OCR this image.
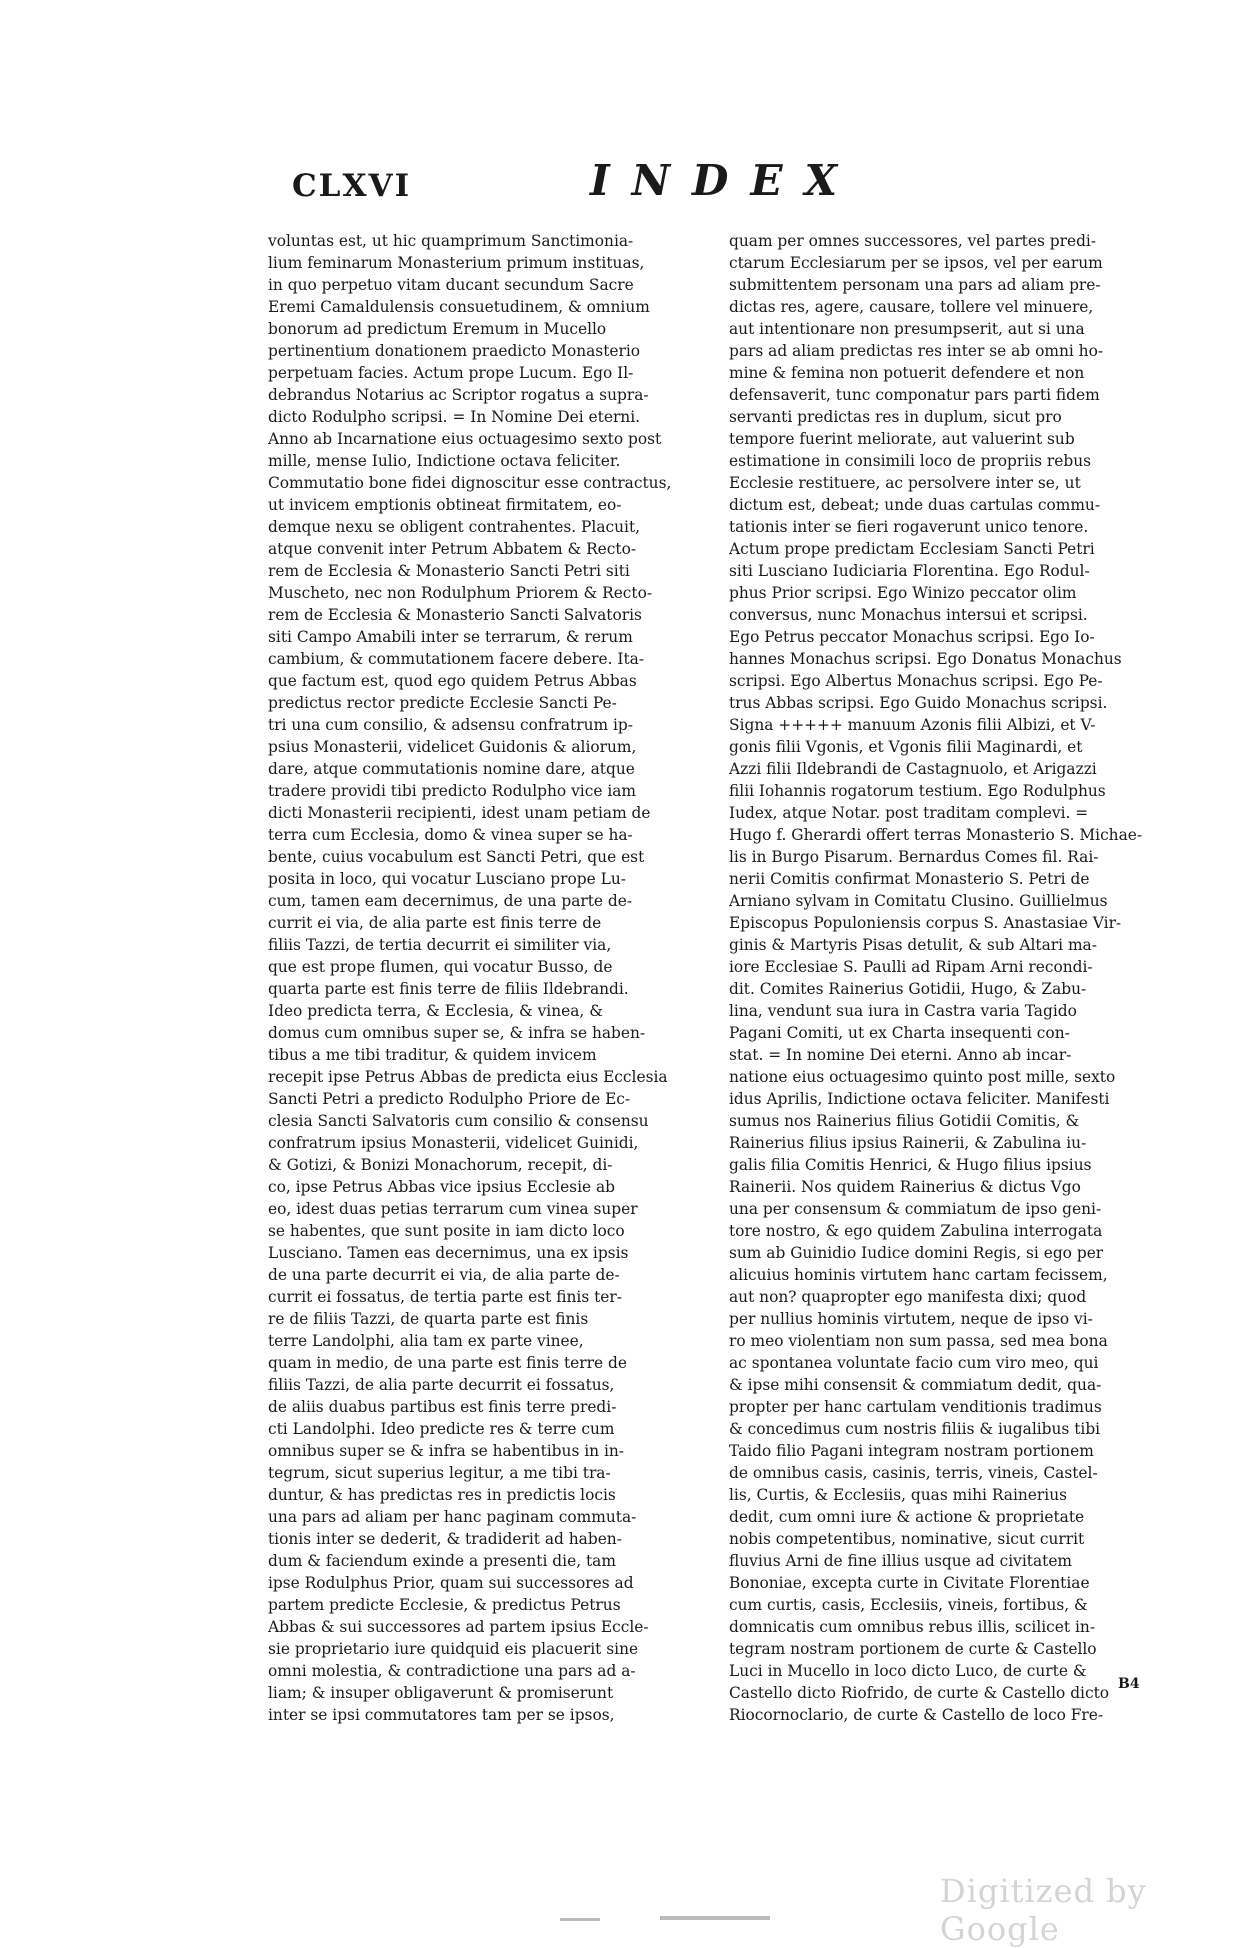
CLXVI	INDEX
voluntas est, ut hic quamprimum Sanctimonia-
lium feminarum Monasterium primum instituas,
in quo perpetuo vitam ducant secundum Sacre
Eremi Camaldulensis consuetudinem, & omnium
bonorum ad predictum Eremum in Mucello
pertinentium donationem praedicto Monasterio
perpetuam facies. Actum prope Lucum. Ego Il-
debrandus Notarius ac Scriptor rogatus a supra-
dicto Rodulpho scripsi. = In Nomine Dei eterni.
Anno ab Incarnatione eius octuagesimo sexto post
mille, mense Iulio, Indictione octava feliciter.
Commutatio bone fidei dignoscitur esse contractus,
ut invicem emptionis obtineat firmitatem, eo-
demque nexu se obligent contrahentes. Placuit,
atque convenit inter Petrum Abbatem & Recto-
rem de Ecclesia & Monasterio Sancti Petri siti
Muscheto, nec non Rodulphum Priorem & Recto-
rem de Ecclesia & Monasterio Sancti Salvatoris
siti Campo Amabili inter se terrarum, & rerum
cambium, & commutationem facere debere. Ita-
que factum est, quod ego quidem Petrus Abbas
predictus rector predicte Ecclesie Sancti Pe-
tri una cum consilio, & adsensu confratrum ip-
psius Monasterii, videlicet Guidonis & aliorum,
dare, atque commutationis nomine dare, atque
tradere providi tibi predicto Rodulpho vice iam
dicti Monasterii recipienti, idest unam petiam de
terra cum Ecclesia, domo & vinea super se ha-
bente, cuius vocabulum est Sancti Petri, que est
posita in loco, qui vocatur Lusciano prope Lu-
cum, tamen eam decernimus, de una parte de-
currit ei via, de alia parte est finis terre de
filiis Tazzi, de tertia decurrit ei similiter via,
que est prope flumen, qui vocatur Busso, de
quarta parte est finis terre de filiis Ildebrandi.
Ideo predicta terra, & Ecclesia, & vinea, &
domus cum omnibus super se, & infra se haben-
tibus a me tibi traditur, & quidem invicem
recepit ipse Petrus Abbas de predicta eius Ecclesia
Sancti Petri a predicto Rodulpho Priore de Ec-
clesia Sancti Salvatoris cum consilio & consensu
confratrum ipsius Monasterii, videlicet Guinidi,
& Gotizi, & Bonizi Monachorum, recepit, di-
co, ipse Petrus Abbas vice ipsius Ecclesie ab
eo, idest duas petias terrarum cum vinea super
se habentes, que sunt posite in iam dicto loco
Lusciano. Tamen eas decernimus, una ex ipsis
de una parte decurrit ei via, de alia parte de-
currit ei fossatus, de tertia parte est finis ter-
re de filiis Tazzi, de quarta parte est finis
terre Landolphi, alia tam ex parte vinee,
quam in medio, de una parte est finis terre de
filiis Tazzi, de alia parte decurrit ei fossatus,
de aliis duabus partibus est finis terre predi-
cti Landolphi. Ideo predicte res & terre cum
omnibus super se & infra se habentibus in in-
tegrum, sicut superius legitur, a me tibi tra-
duntur, & has predictas res in predictis locis
una pars ad aliam per hanc paginam commuta-
tionis inter se dederit, & tradiderit ad haben-
dum & faciendum exinde a presenti die, tam
ipse Rodulphus Prior, quam sui successores ad
partem predicte Ecclesie, & predictus Petrus
Abbas & sui successores ad partem ipsius Eccle-
sie proprietario iure quidquid eis placuerit sine
omni molestia, & contradictione una pars ad a-
liam; & insuper obligaverunt & promiserunt
inter se ipsi commutatores tam per se ipsos,
quam per omnes successores, vel partes predi-
ctarum Ecclesiarum per se ipsos, vel per earum
submittentem personam una pars ad aliam pre-
dictas res, agere, causare, tollere vel minuere,
aut intentionare non presumpserit, aut si una
pars ad aliam predictas res inter se ab omni ho-
mine & femina non potuerit defendere et non
defensaverit, tunc componatur pars parti fidem
servanti predictas res in duplum, sicut pro
tempore fuerint meliorate, aut valuerint sub
estimatione in consimili loco de propriis rebus
Ecclesie restituere, ac persolvere inter se, ut
dictum est, debeat; unde duas cartulas commu-
tationis inter se fieri rogaverunt unico tenore.
Actum prope predictam Ecclesiam Sancti Petri
siti Lusciano Iudiciaria Florentina. Ego Rodul-
phus Prior scripsi. Ego Winizo peccator olim
conversus, nunc Monachus intersui et scripsi.
Ego Petrus peccator Monachus scripsi. Ego Io-
hannes Monachus scripsi. Ego Donatus Monachus
scripsi. Ego Albertus Monachus scripsi. Ego Pe-
trus Abbas scripsi. Ego Guido Monachus scripsi.
Signa +++++ manuum Azonis filii Albizi, et V-
gonis filii Vgonis, et Vgonis filii Maginardi, et
Azzi filii Ildebrandi de Castagnuolo, et Arigazzi
filii Iohannis rogatorum testium. Ego Rodulphus
Iudex, atque Notar. post traditam complevi. =
Hugo f. Gherardi offert terras Monasterio S. Michae-
lis in Burgo Pisarum. Bernardus Comes fil. Rai-
nerii Comitis confirmat Monasterio S. Petri de
Arniano sylvam in Comitatu Clusino. Guillielmus
Episcopus Populoniensis corpus S. Anastasiae Vir-
ginis & Martyris Pisas detulit, & sub Altari ma-
iore Ecclesiae S. Paulli ad Ripam Arni recondi-
dit. Comites Rainerius Gotidii, Hugo, & Zabu-
lina, vendunt sua iura in Castra varia Tagido
Pagani Comiti, ut ex Charta insequenti con-
stat. = In nomine Dei eterni. Anno ab incar-
natione eius octuagesimo quinto post mille, sexto
idus Aprilis, Indictione octava feliciter. Manifesti
sumus nos Rainerius filius Gotidii Comitis, &
Rainerius filius ipsius Rainerii, & Zabulina iu-
galis filia Comitis Henrici, & Hugo filius ipsius
Rainerii. Nos quidem Rainerius & dictus Vgo
una per consensum & commiatum de ipso geni-
tore nostro, & ego quidem Zabulina interrogata
sum ab Guinidio Iudice domini Regis, si ego per
alicuius hominis virtutem hanc cartam fecissem,
aut non? quapropter ego manifesta dixi; quod
per nullius hominis virtutem, neque de ipso vi-
ro meo violentiam non sum passa, sed mea bona
ac spontanea voluntate facio cum viro meo, qui
& ipse mihi consensit & commiatum dedit, qua-
propter per hanc cartulam venditionis tradimus
& concedimus cum nostris filiis & iugalibus tibi
Taido filio Pagani integram nostram portionem
de omnibus casis, casinis, terris, vineis, Castel-
lis, Curtis, & Ecclesiis, quas mihi Rainerius
dedit, cum omni iure & actione & proprietate
nobis competentibus, nominative, sicut currit
fluvius Arni de fine illius usque ad civitatem
Bononiae, excepta curte in Civitate Florentiae
cum curtis, casis, Ecclesiis, vineis, fortibus, &
domnicatis cum omnibus rebus illis, scilicet in-
tegram nostram portionem de curte & Castello
Luci in Mucello in loco dicto Luco, de curte &
Castello dicto Riofrido, de curte & Castello dicto
Riocornoclario, de curte & Castello de loco Fre-
B4
Digitized by Google
